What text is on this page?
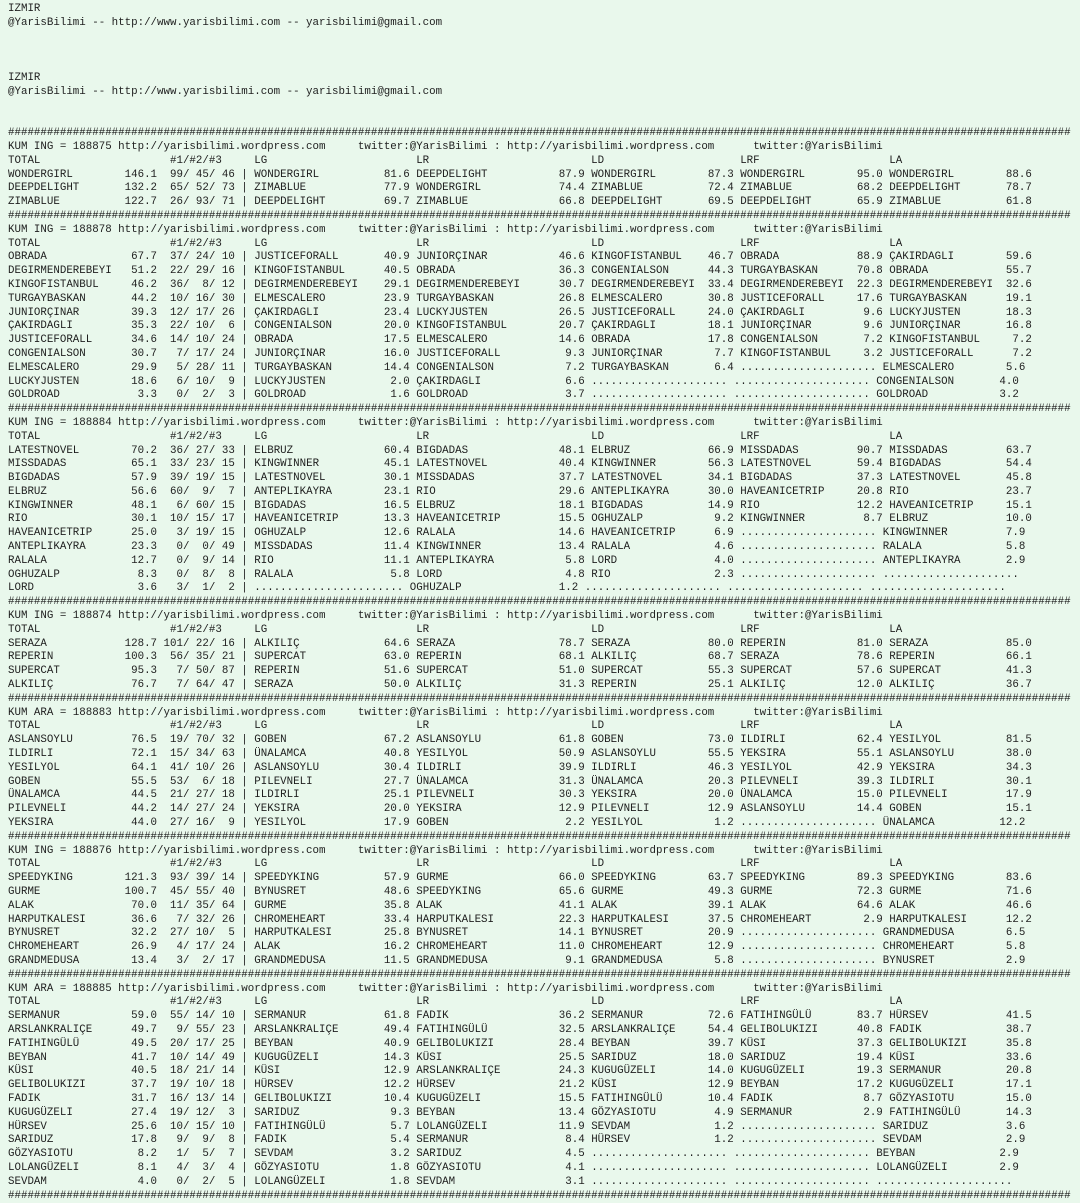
IZMIR
@YarisBilimi -- http://www.yarisbilimi.com -- yarisbilimi@gmail.com

IZMIR
@YarisBilimi -- http://www.yarisbilimi.com -- yarisbilimi@gmail.com

####################################################################################################################################################################
KUM ING = 188875 http://yarisbilimi.wordpress.com	twitter:@YarisBilimi : http://yarisbilimi.wordpress.com	twitter:@YarisBilimi
TOTAL                    #1/#2/#3     LG                       LR                         LD                     LRF                    LA
WONDERGIRL        146.1  99/ 45/ 46 | WONDERGIRL          81.6 DEEPDELIGHT           87.9 WONDERGIRL        87.3 WONDERGIRL        95.0 WONDERGIRL        88.6
DEEPDELIGHT       132.2  65/ 52/ 73 | ZIMABLUE            77.9 WONDERGIRL            74.4 ZIMABLUE          72.4 ZIMABLUE          68.2 DEEPDELIGHT       78.7
ZIMABLUE          122.7  26/ 93/ 71 | DEEPDELIGHT         69.7 ZIMABLUE              66.8 DEEPDELIGHT       69.5 DEEPDELIGHT       65.9 ZIMABLUE          61.8
####################################################################################################################################################################
KUM ING = 188878 http://yarisbilimi.wordpress.com	twitter:@YarisBilimi : http://yarisbilimi.wordpress.com	twitter:@YarisBilimi
TOTAL                    #1/#2/#3     LG                       LR                         LD                     LRF                    LA
OBRADA             67.7  37/ 24/ 10 | JUSTICEFORALL       40.9 JUNIORÇINAR           46.6 KINGOFISTANBUL    46.7 OBRADA            88.9 ÇAKIRDAGLI        59.6
DEGIRMENDEREBEYI   51.2  22/ 29/ 16 | KINGOFISTANBUL      40.5 OBRADA                36.3 CONGENIALSON      44.3 TURGAYBASKAN      70.8 OBRADA            55.7
KINGOFISTANBUL     46.2  36/  8/ 12 | DEGIRMENDEREBEYI    29.1 DEGIRMENDEREBEYI      30.7 DEGIRMENDEREBEYI  33.4 DEGIRMENDEREBEYI  22.3 DEGIRMENDEREBEYI  32.6
TURGAYBASKAN       44.2  10/ 16/ 30 | ELMESCALERO         23.9 TURGAYBASKAN          26.8 ELMESCALERO       30.8 JUSTICEFORALL     17.6 TURGAYBASKAN      19.1
JUNIORÇINAR        39.3  12/ 17/ 26 | ÇAKIRDAGLI          23.4 LUCKYJUSTEN           26.5 JUSTICEFORALL     24.0 ÇAKIRDAGLI         9.6 LUCKYJUSTEN       18.3
ÇAKIRDAGLI         35.3  22/ 10/  6 | CONGENIALSON        20.0 KINGOFISTANBUL        20.7 ÇAKIRDAGLI        18.1 JUNIORÇINAR        9.6 JUNIORÇINAR       16.8
JUSTICEFORALL      34.6  14/ 10/ 24 | OBRADA              17.5 ELMESCALERO           14.6 OBRADA            17.8 CONGENIALSON       7.2 KINGOFISTANBUL     7.2
CONGENIALSON       30.7   7/ 17/ 24 | JUNIORÇINAR         16.0 JUSTICEFORALL          9.3 JUNIORÇINAR        7.7 KINGOFISTANBUL     3.2 JUSTICEFORALL      7.2
ELMESCALERO        29.9   5/ 28/ 11 | TURGAYBASKAN        14.4 CONGENIALSON           7.2 TURGAYBASKAN       6.4 ..................... ELMESCALERO        5.6
LUCKYJUSTEN        18.6   6/ 10/  9 | LUCKYJUSTEN          2.0 ÇAKIRDAGLI             6.6 ..................... ..................... CONGENIALSON       4.0
GOLDROAD            3.3   0/  2/  3 | GOLDROAD             1.6 GOLDROAD               3.7 ..................... ..................... GOLDROAD           3.2
####################################################################################################################################################################
KUM ING = 188884 http://yarisbilimi.wordpress.com	twitter:@YarisBilimi : http://yarisbilimi.wordpress.com	twitter:@YarisBilimi
TOTAL                    #1/#2/#3     LG                       LR                         LD                     LRF                    LA
LATESTNOVEL        70.2  36/ 27/ 33 | ELBRUZ              60.4 BIGDADAS              48.1 ELBRUZ            66.9 MISSDADAS         90.7 MISSDADAS         63.7
MISSDADAS          65.1  33/ 23/ 15 | KINGWINNER          45.1 LATESTNOVEL           40.4 KINGWINNER        56.3 LATESTNOVEL       59.4 BIGDADAS          54.4
BIGDADAS           57.9  39/ 19/ 15 | LATESTNOVEL         30.1 MISSDADAS             37.7 LATESTNOVEL       34.1 BIGDADAS          37.3 LATESTNOVEL       45.8
ELBRUZ             56.6  60/  9/  7 | ANTEPLIKAYRA        23.1 RIO                   29.6 ANTEPLIKAYRA      30.0 HAVEANICETRIP     20.8 RIO               23.7
KINGWINNER         48.1   6/ 60/ 15 | BIGDADAS            16.5 ELBRUZ                18.1 BIGDADAS          14.9 RIO               12.2 HAVEANICETRIP     15.1
RIO                30.1  10/ 15/ 17 | HAVEANICETRIP       13.3 HAVEANICETRIP         15.5 OGHUZALP           9.2 KINGWINNER         8.7 ELBRUZ            10.0
HAVEANICETRIP      25.0   3/ 19/ 15 | OGHUZALP            12.6 RALALA                14.6 HAVEANICETRIP      6.9 ..................... KINGWINNER         7.9
ANTEPLIKAYRA       23.3   0/  0/ 49 | MISSDADAS           11.4 KINGWINNER            13.4 RALALA             4.6 ..................... RALALA             5.8
RALALA             12.7   0/  9/ 14 | RIO                 11.1 ANTEPLIKAYRA           5.8 LORD               4.0 ..................... ANTEPLIKAYRA       2.9
OGHUZALP            8.3   0/  8/  8 | RALALA               5.8 LORD                   4.8 RIO                2.3 ..................... .....................
LORD                3.6   3/  1/  2 | ....................... OGHUZALP               1.2 ..................... ..................... .....................
####################################################################################################################################################################
KUM ING = 188874 http://yarisbilimi.wordpress.com	twitter:@YarisBilimi : http://yarisbilimi.wordpress.com	twitter:@YarisBilimi
TOTAL                    #1/#2/#3     LG                       LR                         LD                     LRF                    LA
SERAZA            128.7 101/ 22/ 16 | ALKILIÇ             64.6 SERAZA                78.7 SERAZA            80.0 REPERIN           81.0 SERAZA            85.0
REPERIN           100.3  56/ 35/ 21 | SUPERCAT            63.0 REPERIN               68.1 ALKILIÇ           68.7 SERAZA            78.6 REPERIN           66.1
SUPERCAT           95.3   7/ 50/ 87 | REPERIN             51.6 SUPERCAT              51.0 SUPERCAT          55.3 SUPERCAT          57.6 SUPERCAT          41.3
ALKILIÇ            76.7   7/ 64/ 47 | SERAZA              50.0 ALKILIÇ               31.3 REPERIN           25.1 ALKILIÇ           12.0 ALKILIÇ           36.7
####################################################################################################################################################################
KUM ARA = 188883 http://yarisbilimi.wordpress.com	twitter:@YarisBilimi : http://yarisbilimi.wordpress.com	twitter:@YarisBilimi
TOTAL                    #1/#2/#3     LG                       LR                         LD                     LRF                    LA
ASLANSOYLU         76.5  19/ 70/ 32 | GOBEN               67.2 ASLANSOYLU            61.8 GOBEN             73.0 ILDIRLI           62.4 YESILYOL          81.5
ILDIRLI            72.1  15/ 34/ 63 | ÜNALAMCA            40.8 YESILYOL              50.9 ASLANSOYLU        55.5 YEKSIRA           55.1 ASLANSOYLU        38.0
YESILYOL           64.1  41/ 10/ 26 | ASLANSOYLU          30.4 ILDIRLI               39.9 ILDIRLI           46.3 YESILYOL          42.9 YEKSIRA           34.3
GOBEN              55.5  53/  6/ 18 | PILEVNELI           27.7 ÜNALAMCA              31.3 ÜNALAMCA          20.3 PILEVNELI         39.3 ILDIRLI           30.1
ÜNALAMCA           44.5  21/ 27/ 18 | ILDIRLI             25.1 PILEVNELI             30.3 YEKSIRA           20.0 ÜNALAMCA          15.0 PILEVNELI         17.9
PILEVNELI          44.2  14/ 27/ 24 | YEKSIRA             20.0 YEKSIRA               12.9 PILEVNELI         12.9 ASLANSOYLU        14.4 GOBEN             15.1
YEKSIRA            44.0  27/ 16/  9 | YESILYOL            17.9 GOBEN                  2.2 YESILYOL           1.2 ..................... ÜNALAMCA          12.2
####################################################################################################################################################################
KUM ING = 188876 http://yarisbilimi.wordpress.com	twitter:@YarisBilimi : http://yarisbilimi.wordpress.com	twitter:@YarisBilimi
TOTAL                    #1/#2/#3     LG                       LR                         LD                     LRF                    LA
SPEEDYKING        121.3  93/ 39/ 14 | SPEEDYKING          57.9 GURME                 66.0 SPEEDYKING        63.7 SPEEDYKING        89.3 SPEEDYKING        83.6
GURME             100.7  45/ 55/ 40 | BYNUSRET            48.6 SPEEDYKING            65.6 GURME             49.3 GURME             72.3 GURME             71.6
ALAK               70.0  11/ 35/ 64 | GURME               35.8 ALAK                  41.1 ALAK              39.1 ALAK              64.6 ALAK              46.6
HARPUTKALESI       36.6   7/ 32/ 26 | CHROMEHEART         33.4 HARPUTKALESI          22.3 HARPUTKALESI      37.5 CHROMEHEART        2.9 HARPUTKALESI      12.2
BYNUSRET           32.2  27/ 10/  5 | HARPUTKALESI        25.8 BYNUSRET              14.1 BYNUSRET          20.9 ..................... GRANDMEDUSA        6.5
CHROMEHEART        26.9   4/ 17/ 24 | ALAK                16.2 CHROMEHEART           11.0 CHROMEHEART       12.9 ..................... CHROMEHEART        5.8
GRANDMEDUSA        13.4   3/  2/ 17 | GRANDMEDUSA         11.5 GRANDMEDUSA            9.1 GRANDMEDUSA        5.8 ..................... BYNUSRET           2.9
####################################################################################################################################################################
KUM ARA = 188885 http://yarisbilimi.wordpress.com	twitter:@YarisBilimi : http://yarisbilimi.wordpress.com	twitter:@YarisBilimi
TOTAL                    #1/#2/#3     LG                       LR                         LD                     LRF                    LA
SERMANUR           59.0  55/ 14/ 10 | SERMANUR            61.8 FADIK                 36.2 SERMANUR          72.6 FATIHINGÜLÜ       83.7 HÜRSEV            41.5
ARSLANKRALIÇE      49.7   9/ 55/ 23 | ARSLANKRALIÇE       49.4 FATIHINGÜLÜ           32.5 ARSLANKRALIÇE     54.4 GELIBOLUKIZI      40.8 FADIK             38.7
FATIHINGÜLÜ        49.5  20/ 17/ 25 | BEYBAN              40.9 GELIBOLUKIZI          28.4 BEYBAN            39.7 KÜSI              37.3 GELIBOLUKIZI      35.8
BEYBAN             41.7  10/ 14/ 49 | KUGUGÜZELI          14.3 KÜSI                  25.5 SARIDUZ           18.0 SARIDUZ           19.4 KÜSI              33.6
KÜSI               40.5  18/ 21/ 14 | KÜSI                12.9 ARSLANKRALIÇE         24.3 KUGUGÜZELI        14.0 KUGUGÜZELI        19.3 SERMANUR          20.8
GELIBOLUKIZI       37.7  19/ 10/ 18 | HÜRSEV              12.2 HÜRSEV                21.2 KÜSI              12.9 BEYBAN            17.2 KUGUGÜZELI        17.1
FADIK              31.7  16/ 13/ 14 | GELIBOLUKIZI        10.4 KUGUGÜZELI            15.5 FATIHINGÜLÜ       10.4 FADIK              8.7 GÖZYASIOTU        15.0
KUGUGÜZELI         27.4  19/ 12/  3 | SARIDUZ              9.3 BEYBAN                13.4 GÖZYASIOTU         4.9 SERMANUR           2.9 FATIHINGÜLÜ       14.3
HÜRSEV             25.6  10/ 15/ 10 | FATIHINGÜLÜ          5.7 LOLANGÜZELI           11.9 SEVDAM             1.2 ..................... SARIDUZ            3.6
SARIDUZ            17.8   9/  9/  8 | FADIK                5.4 SERMANUR               8.4 HÜRSEV             1.2 ..................... SEVDAM             2.9
GÖZYASIOTU          8.2   1/  5/  7 | SEVDAM               3.2 SARIDUZ                4.5 ..................... ..................... BEYBAN             2.9
LOLANGÜZELI         8.1   4/  3/  4 | GÖZYASIOTU           1.8 GÖZYASIOTU             4.1 ..................... ..................... LOLANGÜZELI        2.9
SEVDAM              4.0   0/  2/  5 | LOLANGÜZELI          1.8 SEVDAM                 3.1 ..................... ..................... .....................
####################################################################################################################################################################
